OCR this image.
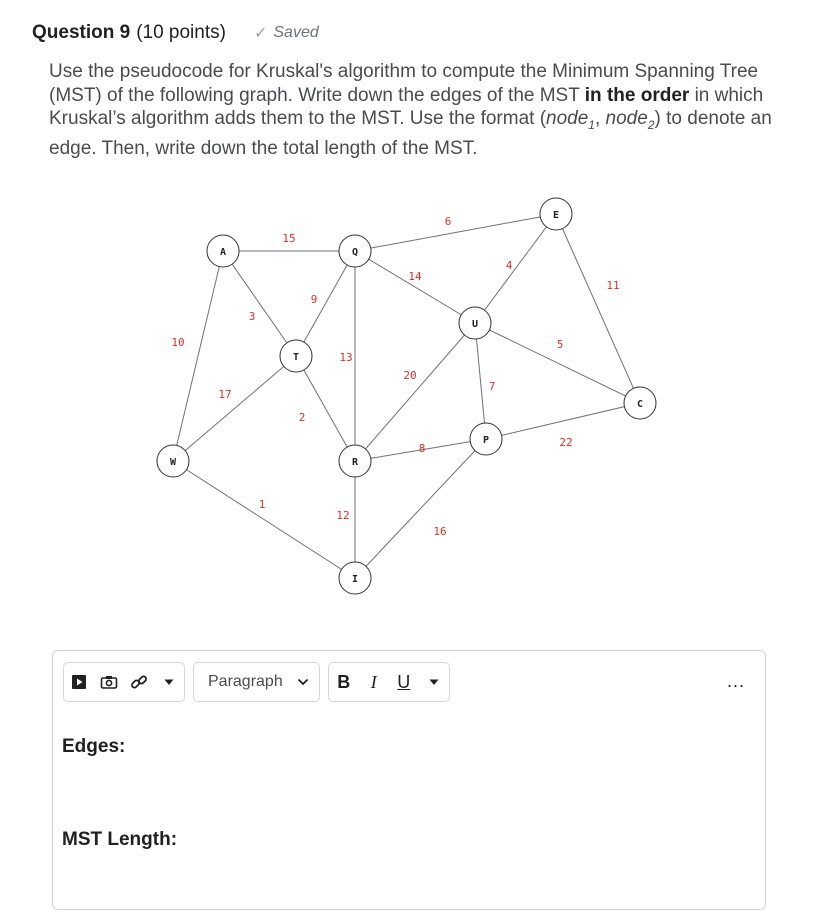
Question 9 (10 points) ✓ Saved
Use the pseudocode for Kruskal's algorithm to compute the Minimum Spanning Tree (MST) of the following graph. Write down the edges of the MST in the order in which Kruskal’s algorithm adds them to the MST. Use the format (node$_1$, node$_2$) to denote an edge. Then, write down the total length of the MST.
15
6
14
4
3
9
13
10
11
5
20
7
17
2
8	22
1
12
16
A	Q
E
U
T
C
W	R
P
I
Paragraph	B	I	U	...
Edges:
MST Length:
